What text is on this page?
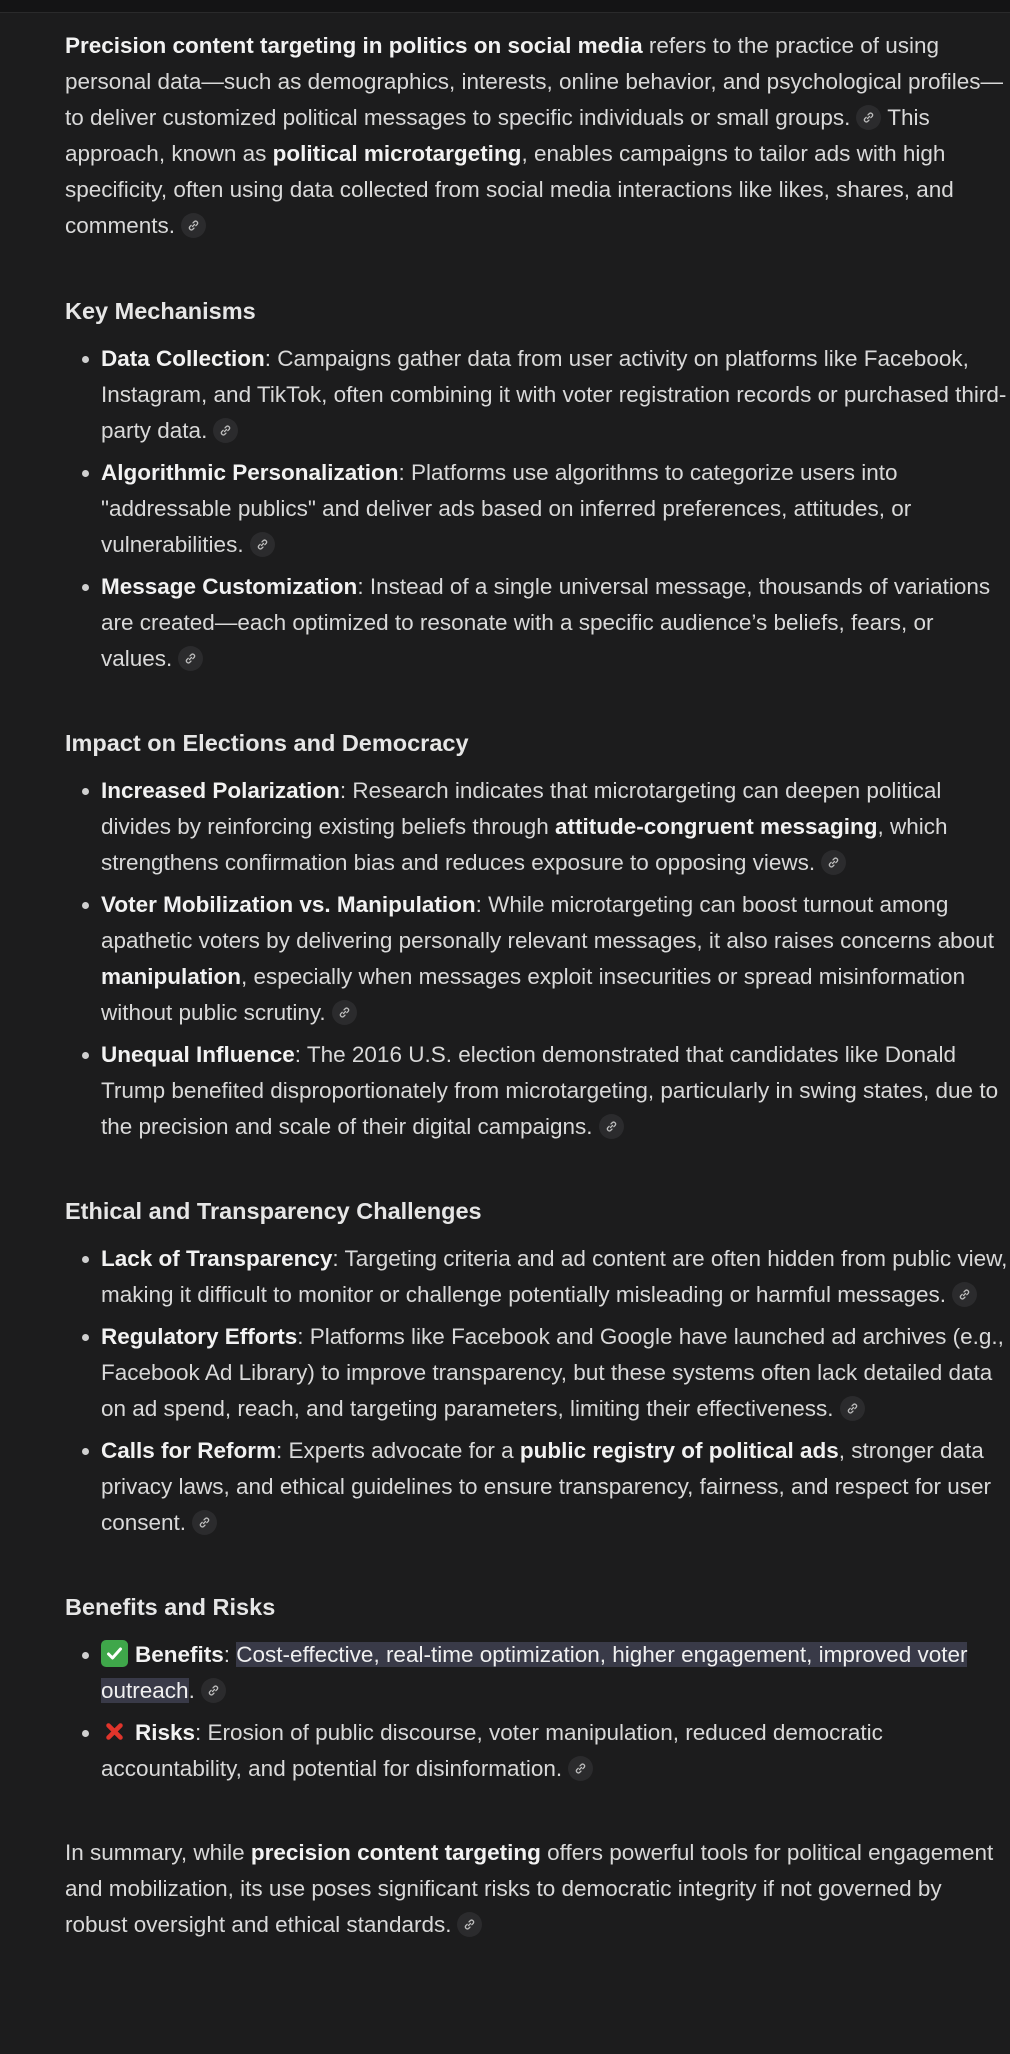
Precision content targeting in politics on social media refers to the practice of using personal data—such as demographics, interests, online behavior, and psychological profiles—to deliver customized political messages to specific individuals or small groups.
This approach, known as political microtargeting, enables campaigns to tailor ads with high specificity, often using data collected from social media interactions like likes, shares, and comments.

Key Mechanisms
Data Collection: Campaigns gather data from user activity on platforms like Facebook, Instagram, and TikTok, often combining it with voter registration records or purchased third-party data.
Algorithmic Personalization: Platforms use algorithms to categorize users into "addressable publics" and deliver ads based on inferred preferences, attitudes, or vulnerabilities.
Message Customization: Instead of a single universal message, thousands of variations are created—each optimized to resonate with a specific audience’s beliefs, fears, or values.
Impact on Elections and Democracy
Increased Polarization: Research indicates that microtargeting can deepen political divides by reinforcing existing beliefs through attitude-congruent messaging, which strengthens confirmation bias and reduces exposure to opposing views.
Voter Mobilization vs. Manipulation: While microtargeting can boost turnout among apathetic voters by delivering personally relevant messages, it also raises concerns about manipulation, especially when messages exploit insecurities or spread misinformation without public scrutiny.
Unequal Influence: The 2016 U.S. election demonstrated that candidates like Donald Trump benefited disproportionately from microtargeting, particularly in swing states, due to the precision and scale of their digital campaigns.
Ethical and Transparency Challenges
Lack of Transparency: Targeting criteria and ad content are often hidden from public view, making it difficult to monitor or challenge potentially misleading or harmful messages.
Regulatory Efforts: Platforms like Facebook and Google have launched ad archives (e.g., Facebook Ad Library) to improve transparency, but these systems often lack detailed data on ad spend, reach, and targeting parameters, limiting their effectiveness.
Calls for Reform: Experts advocate for a public registry of political ads, stronger data privacy laws, and ethical guidelines to ensure transparency, fairness, and respect for user consent.
Benefits and Risks
Benefits: Cost-effective, real-time optimization, higher engagement, improved voter outreach.
Risks: Erosion of public discourse, voter manipulation, reduced democratic accountability, and potential for disinformation.

In summary, while precision content targeting offers powerful tools for political engagement and mobilization, its use poses significant risks to democratic integrity if not governed by robust oversight and ethical standards.
